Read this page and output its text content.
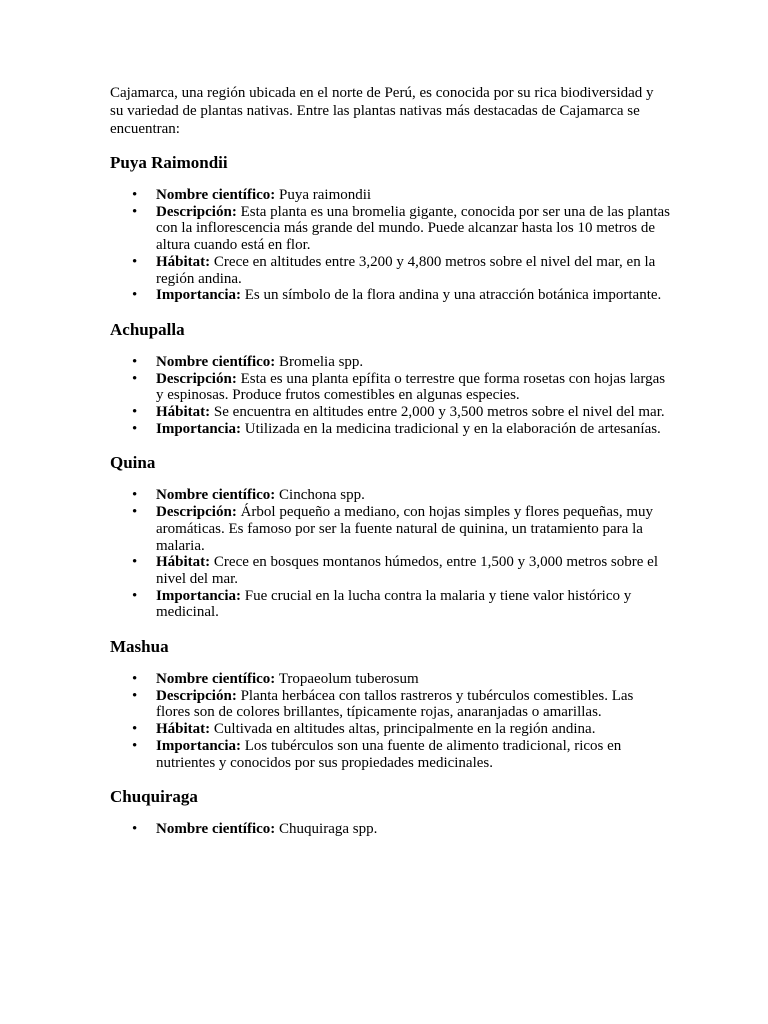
Cajamarca, una región ubicada en el norte de Perú, es conocida por su rica biodiversidad y su variedad de plantas nativas. Entre las plantas nativas más destacadas de Cajamarca se encuentran:

Puya Raimondii
• Nombre científico: Puya raimondii
• Descripción: Esta planta es una bromelia gigante, conocida por ser una de las plantas con la inflorescencia más grande del mundo. Puede alcanzar hasta los 10 metros de altura cuando está en flor.
• Hábitat: Crece en altitudes entre 3,200 y 4,800 metros sobre el nivel del mar, en la región andina.
• Importancia: Es un símbolo de la flora andina y una atracción botánica importante.
Achupalla
• Nombre científico: Bromelia spp.
• Descripción: Esta es una planta epífita o terrestre que forma rosetas con hojas largas y espinosas. Produce frutos comestibles en algunas especies.
• Hábitat: Se encuentra en altitudes entre 2,000 y 3,500 metros sobre el nivel del mar.
• Importancia: Utilizada en la medicina tradicional y en la elaboración de artesanías.
Quina
• Nombre científico: Cinchona spp.
• Descripción: Árbol pequeño a mediano, con hojas simples y flores pequeñas, muy aromáticas. Es famoso por ser la fuente natural de quinina, un tratamiento para la malaria.
• Hábitat: Crece en bosques montanos húmedos, entre 1,500 y 3,000 metros sobre el nivel del mar.
• Importancia: Fue crucial en la lucha contra la malaria y tiene valor histórico y medicinal.
Mashua
• Nombre científico: Tropaeolum tuberosum
• Descripción: Planta herbácea con tallos rastreros y tubérculos comestibles. Las flores son de colores brillantes, típicamente rojas, anaranjadas o amarillas.
• Hábitat: Cultivada en altitudes altas, principalmente en la región andina.
• Importancia: Los tubérculos son una fuente de alimento tradicional, ricos en nutrientes y conocidos por sus propiedades medicinales.
Chuquiraga
• Nombre científico: Chuquiraga spp.
